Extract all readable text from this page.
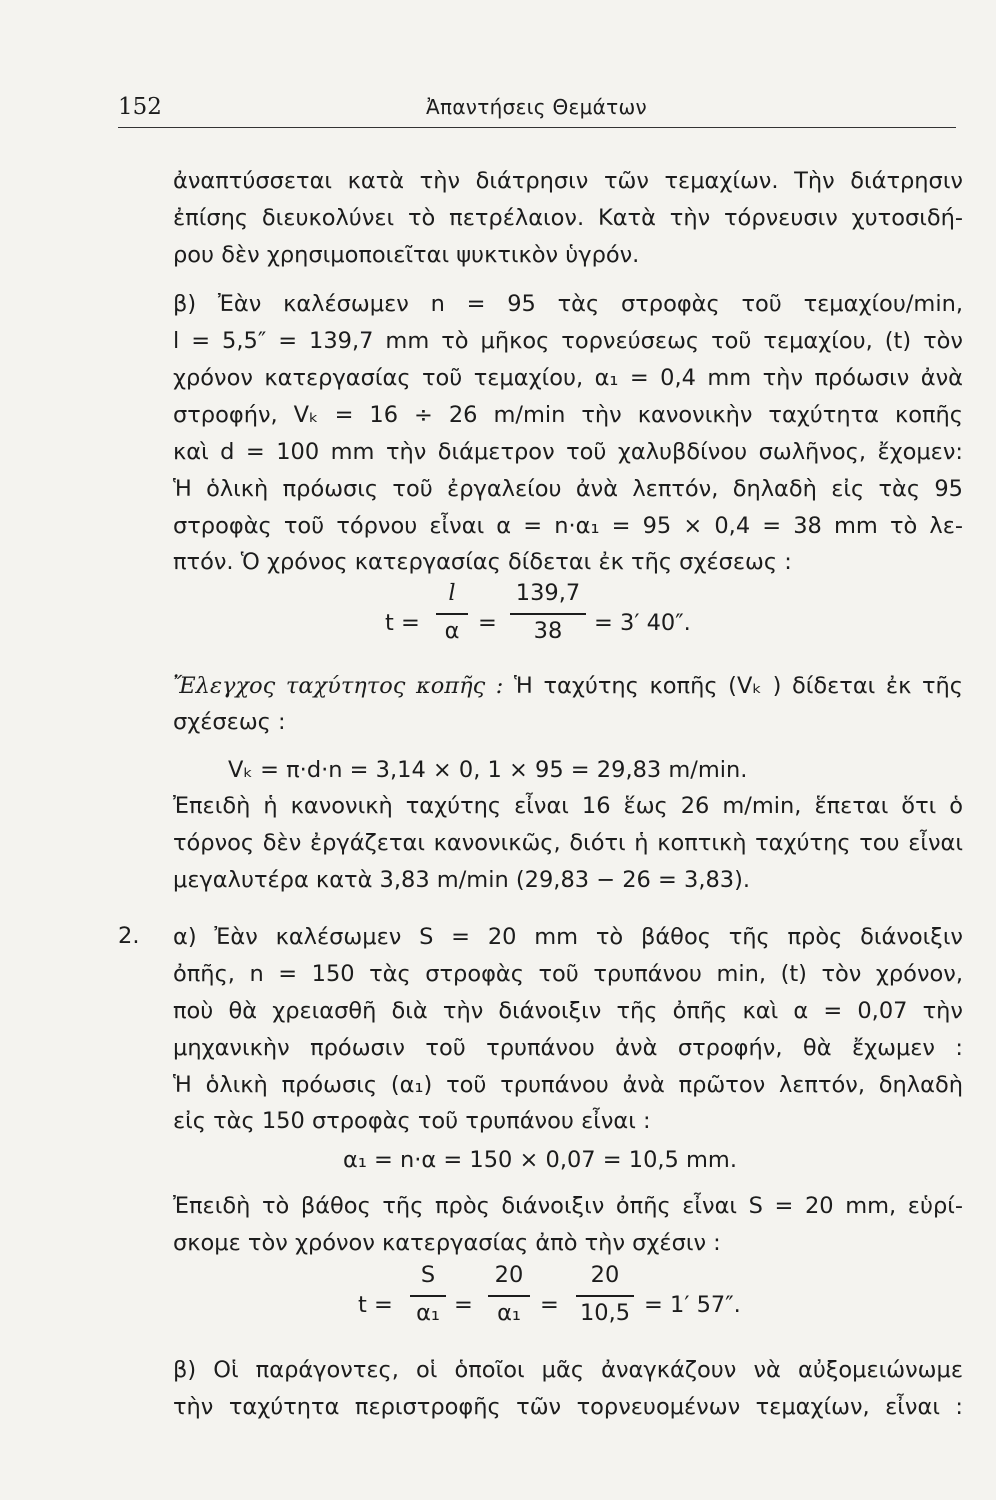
152	Ἀπαντήσεις Θεμάτων
ἀναπτύσσεται κατὰ τὴν διάτρησιν τῶν τεμαχίων. Τὴν διάτρησιν
ἐπίσης διευκολύνει τὸ πετρέλαιον. Κατὰ τὴν τόρνευσιν χυτοσιδή-
ρου δὲν χρησιμοποιεῖται ψυκτικὸν ὑγρόν.
β) Ἐὰν καλέσωμεν n = 95 τὰς στροφὰς τοῦ τεμαχίου/min,
l = 5,5″ = 139,7 mm τὸ μῆκος τορνεύσεως τοῦ τεμαχίου, (t) τὸν
χρόνον κατεργασίας τοῦ τεμαχίου, α₁ = 0,4 mm τὴν πρόωσιν ἀνὰ
στροφήν, Vₖ = 16 ÷ 26 m/min τὴν κανονικὴν ταχύτητα κοπῆς
καὶ d = 100 mm τὴν διάμετρον τοῦ χαλυβδίνου σωλῆνος, ἔχομεν:
Ἡ ὁλικὴ πρόωσις τοῦ ἐργαλείου ἀνὰ λεπτόν, δηλαδὴ εἰς τὰς 95
στροφὰς τοῦ τόρνου εἶναι α = n·α₁ = 95 × 0,4 = 38 mm τὸ λε-
πτόν. Ὁ χρόνος κατεργασίας δίδεται ἐκ τῆς σχέσεως :
t =
l
α =
139,7
38	= 3′ 40″.
Ἔλεγχος ταχύτητος κοπῆς : Ἡ ταχύτης κοπῆς (Vₖ ) δίδεται ἐκ τῆς
σχέσεως :
Vₖ = π·d·n = 3,14 × 0, 1 × 95 = 29,83 m/min.
Ἐπειδὴ ἡ κανονικὴ ταχύτης εἶναι 16 ἕως 26 m/min, ἕπεται ὅτι ὁ
τόρνος δὲν ἐργάζεται κανονικῶς, διότι ἡ κοπτικὴ ταχύτης του εἶναι
μεγαλυτέρα κατὰ 3,83 m/min (29,83 − 26 = 3,83).
2. α) Ἐὰν καλέσωμεν S = 20 mm τὸ βάθος τῆς πρὸς διάνοιξιν
ὀπῆς, n = 150 τὰς στροφὰς τοῦ τρυπάνου min, (t) τὸν χρόνον,
ποὺ θὰ χρειασθῆ διὰ τὴν διάνοιξιν τῆς ὀπῆς καὶ α = 0,07 τὴν
μηχανικὴν πρόωσιν τοῦ τρυπάνου ἀνὰ στροφήν, θὰ ἔχωμεν :
Ἡ ὁλικὴ πρόωσις (α₁) τοῦ τρυπάνου ἀνὰ πρῶτον λεπτόν, δηλαδὴ
εἰς τὰς 150 στροφὰς τοῦ τρυπάνου εἶναι :
α₁ = n·α = 150 × 0,07 = 10,5 mm.
Ἐπειδὴ τὸ βάθος τῆς πρὸς διάνοιξιν ὀπῆς εἶναι S = 20 mm, εὑρί-
σκομε τὸν χρόνον κατεργασίας ἀπὸ τὴν σχέσιν :
t =
S
α₁ =
20
α₁ =
20
10,5 = 1′ 57″.
β) Οἱ παράγοντες, οἱ ὁποῖοι μᾶς ἀναγκάζουν νὰ αὐξομειώνωμε
τὴν ταχύτητα περιστροφῆς τῶν τορνευομένων τεμαχίων, εἶναι :
